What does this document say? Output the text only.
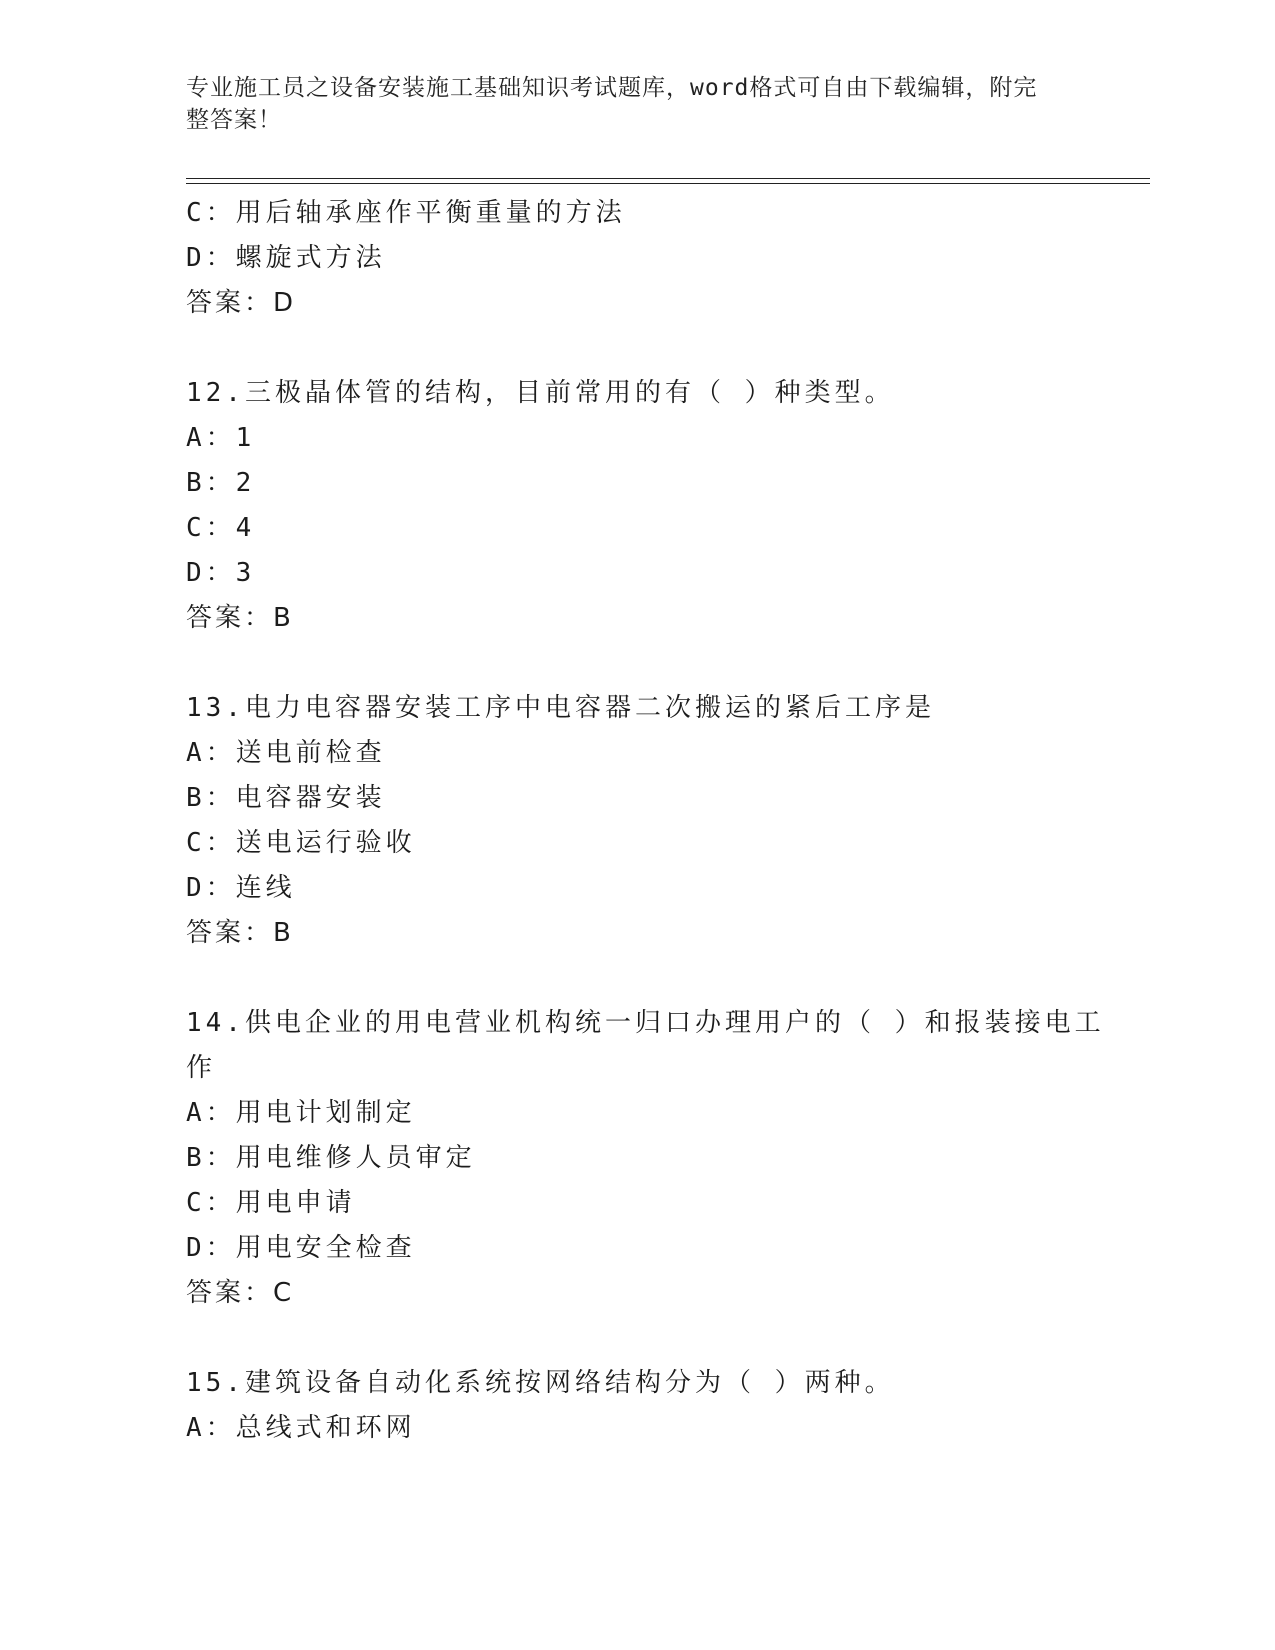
专业施工员之设备安装施工基础知识考试题库，word格式可自由下载编辑，附完
整答案！
C：用后轴承座作平衡重量的方法
D：螺旋式方法
答案：D
12.三极晶体管的结构，目前常用的有（ ）种类型。
A：1
B：2
C：4
D：3
答案：B
13.电力电容器安装工序中电容器二次搬运的紧后工序是
A：送电前检查
B：电容器安装
C：送电运行验收
D：连线
答案：B
14.供电企业的用电营业机构统一归口办理用户的（ ）和报装接电工
作
A：用电计划制定
B：用电维修人员审定
C：用电申请
D：用电安全检查
答案：C
15.建筑设备自动化系统按网络结构分为（ ）两种。
A：总线式和环网
